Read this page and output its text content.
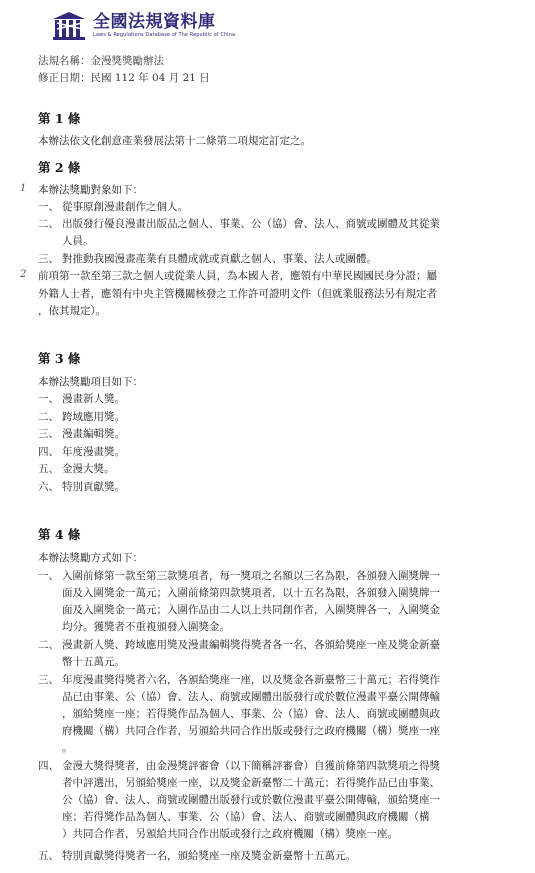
全國法規資料庫
Laws & Regulations Database of The Republic of China
法規名稱：金漫獎獎勵辦法
修正日期：民國 112 年 04 月 21 日
第 1 條
本辦法依文化創意產業發展法第十二條第二項規定訂定之。
第 2 條
1 本辦法獎勵對象如下：
一、 從事原創漫畫創作之個人。
二、 出版發行優良漫畫出版品之個人、事業、公（協）會、法人、商號或團體及其從業
人員。
三、 對推動我國漫畫產業有具體成就或貢獻之個人、事業、法人或團體。
2 前項第一款至第三款之個人或從業人員，為本國人者，應領有中華民國國民身分證；屬
外籍人士者，應領有中央主管機關核發之工作許可證明文件（但就業服務法另有規定者
，依其規定）。
第 3 條
本辦法獎勵項目如下：
一、 漫畫新人獎。
二、 跨域應用獎。
三、 漫畫編輯獎。
四、 年度漫畫獎。
五、 金漫大獎。
六、 特別貢獻獎。
第 4 條
本辦法獎勵方式如下：
一、 入圍前條第一款至第三款獎項者，每一獎項之名額以三名為限，各頒發入圍獎牌一
面及入圍獎金一萬元；入圍前條第四款獎項者，以十五名為限，各頒發入圍獎牌一
面及入圍獎金一萬元；入圍作品由二人以上共同創作者，入圍獎牌各一，入圍獎金
均分。獲獎者不重複頒發入圍獎金。
二、 漫畫新人獎、跨域應用獎及漫畫編輯獎得獎者各一名，各頒給獎座一座及獎金新臺
幣十五萬元。
三、 年度漫畫獎得獎者六名，各頒給獎座一座，以及獎金各新臺幣三十萬元；若得獎作
品已由事業、公（協）會、法人、商號或團體出版發行或於數位漫畫平臺公開傳輸
，頒給獎座一座；若得獎作品為個人、事業、公（協）會、法人、商號或團體與政
府機關（構）共同合作者，另頒給共同合作出版或發行之政府機關（構）獎座一座
。
四、 金漫大獎得獎者，由金漫獎評審會（以下簡稱評審會）自獲前條第四款獎項之得獎
者中評選出，另頒給獎座一座，以及獎金新臺幣二十萬元；若得獎作品已由事業、
公（協）會、法人、商號或團體出版發行或於數位漫畫平臺公開傳輸，頒給獎座一
座；若得獎作品為個人、事業、公（協）會、法人、商號或團體與政府機關（構
）共同合作者，另頒給共同合作出版或發行之政府機關（構）獎座一座。
五、 特別貢獻獎得獎者一名，頒給獎座一座及獎金新臺幣十五萬元。
